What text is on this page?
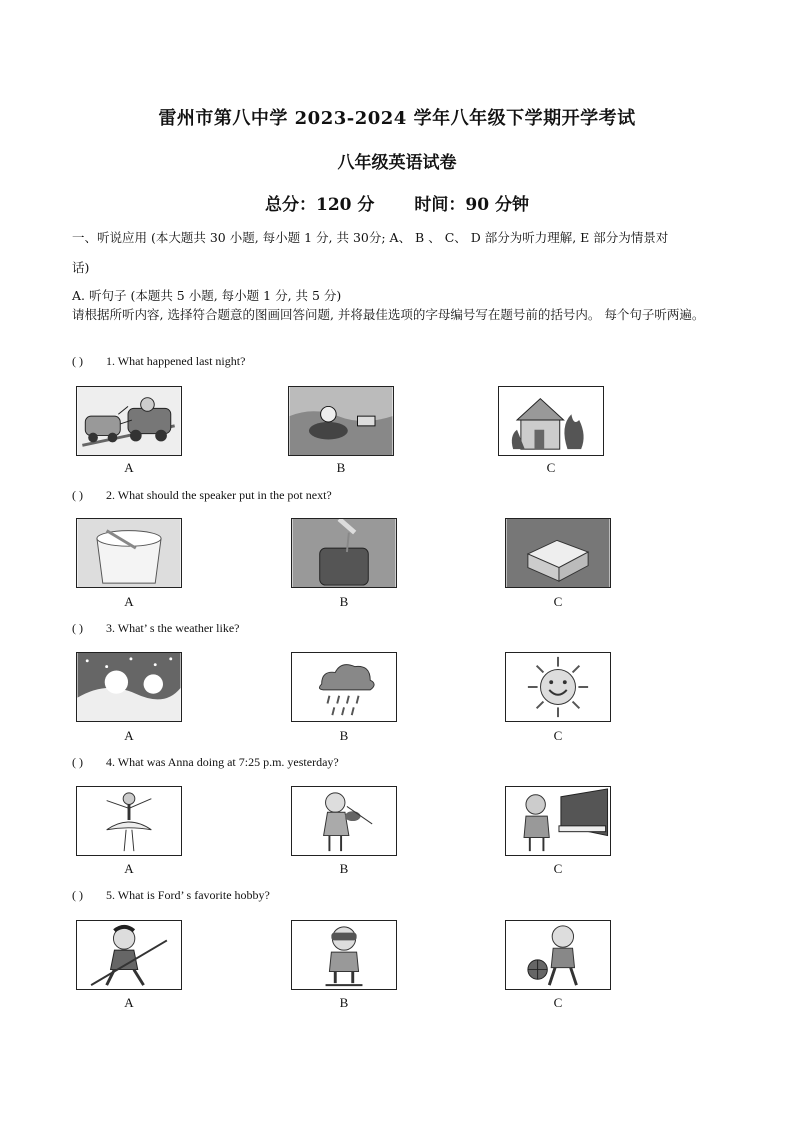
雷州市第八中学 2023-2024 学年八年级下学期开学考试
八年级英语试卷
总分：120 分 时间：90 分钟
一、听说应用 (本大题共 30 小题, 每小题 1 分, 共 30分; A、 B 、 C、 D 部分为听力理解, E 部分为情景对
话)
A. 听句子 (本题共 5 小题, 每小题 1 分, 共 5 分)
请根据所听内容, 选择符合题意的图画回答问题, 并将最佳选项的字母编号写在题号前的括号内。 每个句子听两遍。
( ) 1. What happened last night?
A	B	C
( ) 2. What should the speaker put in the pot next?
A	B	C
( ) 3. What’ s the weather like?
A	B	C
( ) 4. What was Anna doing at 7:25 p.m. yesterday?
A	B	C
( ) 5. What is Ford’ s favorite hobby?
A	B	C
